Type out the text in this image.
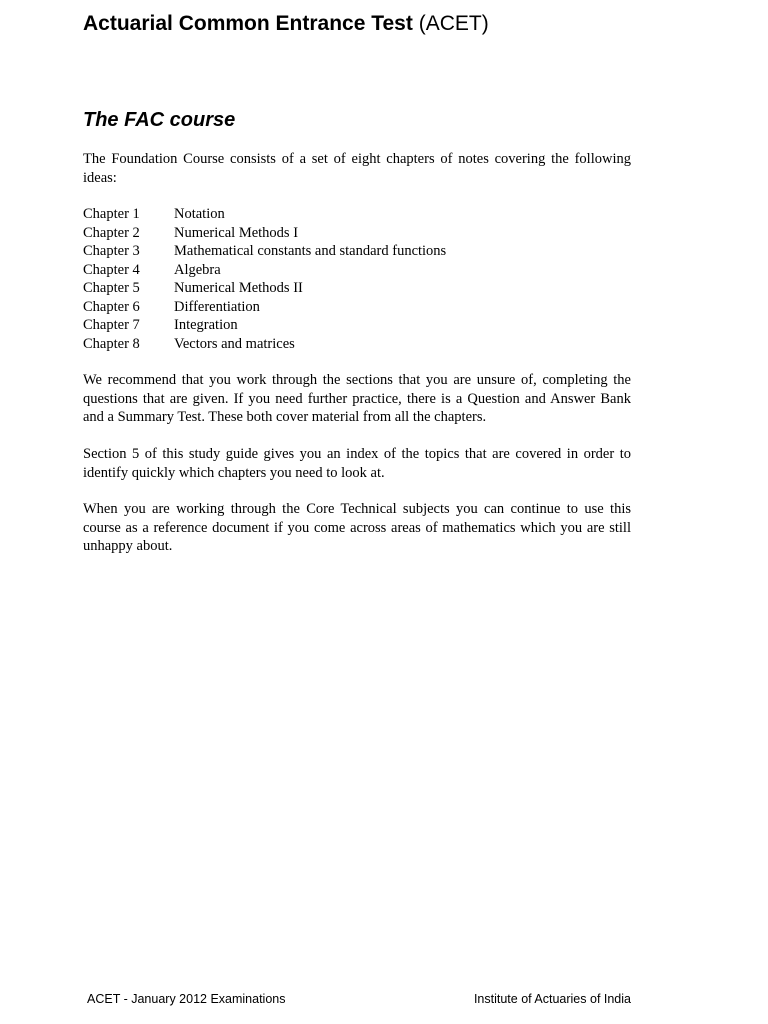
Actuarial Common Entrance Test (ACET)
The FAC course
The Foundation Course consists of a set of eight chapters of notes covering the following ideas:
Chapter 1	Notation
Chapter 2	Numerical Methods I
Chapter 3	Mathematical constants and standard functions
Chapter 4	Algebra
Chapter 5	Numerical Methods II
Chapter 6	Differentiation
Chapter 7	Integration
Chapter 8	Vectors and matrices
We recommend that you work through the sections that you are unsure of, completing the questions that are given. If you need further practice, there is a Question and Answer Bank and a Summary Test. These both cover material from all the chapters.
Section 5 of this study guide gives you an index of the topics that are covered in order to identify quickly which chapters you need to look at.
When you are working through the Core Technical subjects you can continue to use this course as a reference document if you come across areas of mathematics which you are still unhappy about.
ACET - January 2012 Examinations	Institute of Actuaries of India
